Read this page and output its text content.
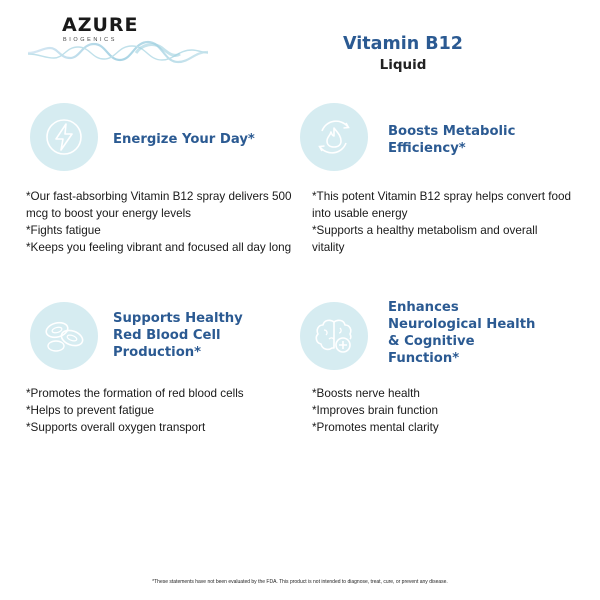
AZURE
BIOGENICS	Vitamin B12
Liquid
Energize Your Day*
*Our fast-absorbing Vitamin B12 spray delivers 500
mcg to boost your energy levels
*Fights fatigue
*Keeps you feeling vibrant and focused all day long
Boosts Metabolic
Efficiency*
*This potent Vitamin B12 spray helps convert food
into usable energy
*Supports a healthy metabolism and overall
vitality
Supports Healthy
Red Blood Cell
Production*
*Promotes the formation of red blood cells
*Helps to prevent fatigue
*Supports overall oxygen transport
Enhances
Neurological Health
& Cognitive
Function*
*Boosts nerve health
*Improves brain function
*Promotes mental clarity
*These statements have not been evaluated by the FDA. This product is not intended to diagnose, treat, cure, or prevent any disease.
